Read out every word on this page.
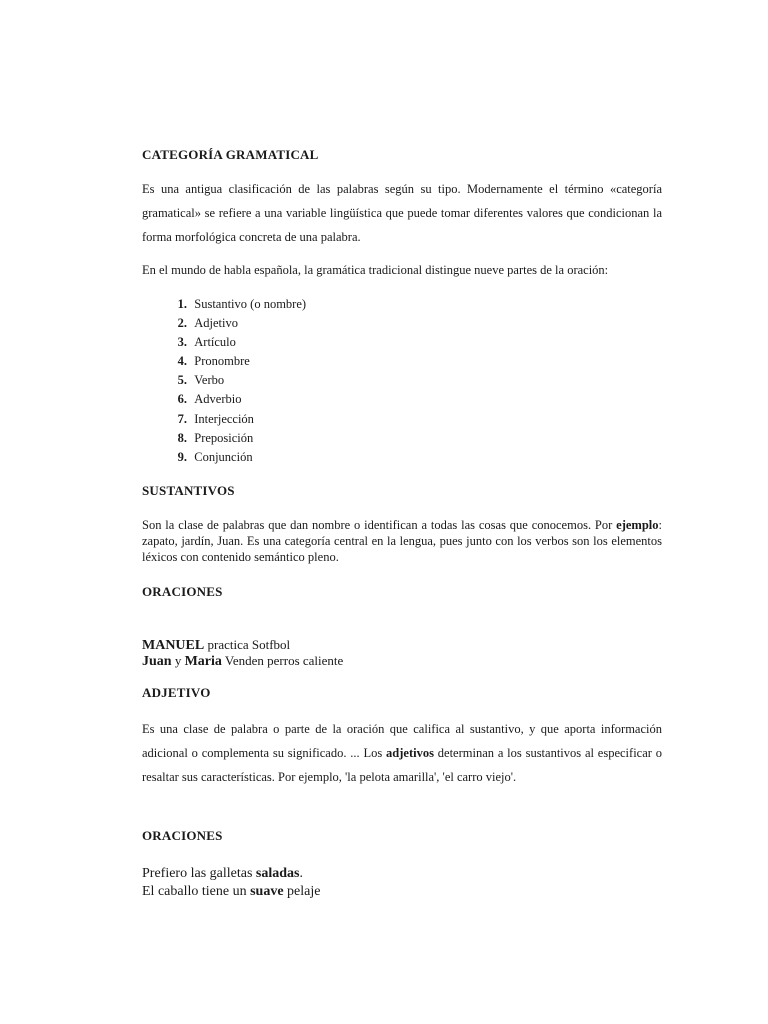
CATEGORÍA GRAMATICAL

Es una antigua clasificación de las palabras según su tipo. Modernamente el término «categoría gramatical» se refiere a una variable lingüística que puede tomar diferentes valores que condicionan la forma morfológica concreta de una palabra.

En el mundo de habla española, la gramática tradicional distingue nueve partes de la oración:

1. Sustantivo (o nombre)
2. Adjetivo
3. Artículo
4. Pronombre
5. Verbo
6. Adverbio
7. Interjección
8. Preposición
9. Conjunción
SUSTANTIVOS

Son la clase de palabras que dan nombre o identifican a todas las cosas que conocemos. Por ejemplo: zapato, jardín, Juan. Es una categoría central en la lengua, pues junto con los verbos son los elementos léxicos con contenido semántico pleno.

ORACIONES
MANUEL practica Sotfbol
Juan y Maria Venden perros caliente
ADJETIVO

Es una clase de palabra o parte de la oración que califica al sustantivo, y que aporta información adicional o complementa su significado. ... Los adjetivos determinan a los sustantivos al especificar o resaltar sus características. Por ejemplo, 'la pelota amarilla', 'el carro viejo'.

ORACIONES
Prefiero las galletas saladas.
El caballo tiene un suave pelaje
